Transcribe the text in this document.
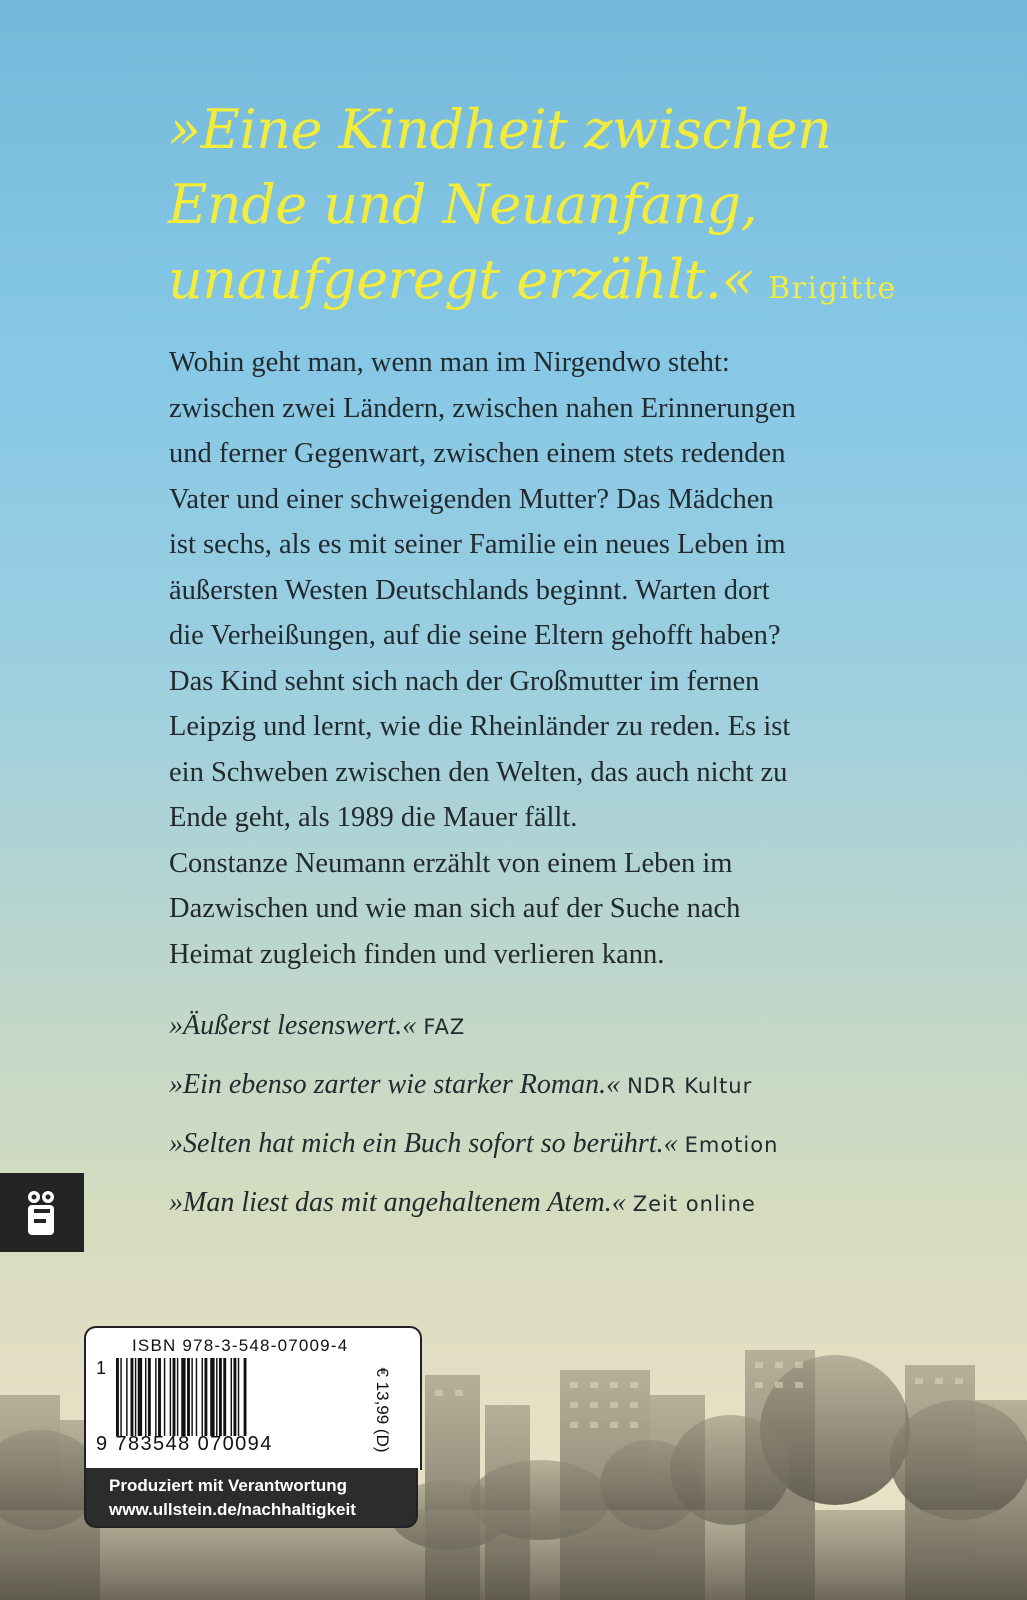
»Eine Kindheit zwischen
Ende und Neuanfang,
unaufgeregt erzählt.« Brigitte
Wohin geht man, wenn man im Nirgendwo steht:
zwischen zwei Ländern, zwischen nahen Erinnerungen
und ferner Gegenwart, zwischen einem stets redenden
Vater und einer schweigenden Mutter? Das Mädchen
ist sechs, als es mit seiner Familie ein neues Leben im
äußersten Westen Deutschlands beginnt. Warten dort
die Verheißungen, auf die seine Eltern gehofft haben?
Das Kind sehnt sich nach der Großmutter im fernen
Leipzig und lernt, wie die Rheinländer zu reden. Es ist
ein Schweben zwischen den Welten, das auch nicht zu
Ende geht, als 1989 die Mauer fällt.
Constanze Neumann erzählt von einem Leben im
Dazwischen und wie man sich auf der Suche nach
Heimat zugleich finden und verlieren kann.
»Äußerst lesenswert.« FAZ
»Ein ebenso zarter wie starker Roman.« NDR Kultur
»Selten hat mich ein Buch sofort so berührt.« Emotion
»Man liest das mit angehaltenem Atem.« Zeit online
ISBN 978-3-548-07009-4
1
9 783548 070094	€ 13,99 (D)
Produziert mit Verantwortung
www.ullstein.de/nachhaltigkeit
